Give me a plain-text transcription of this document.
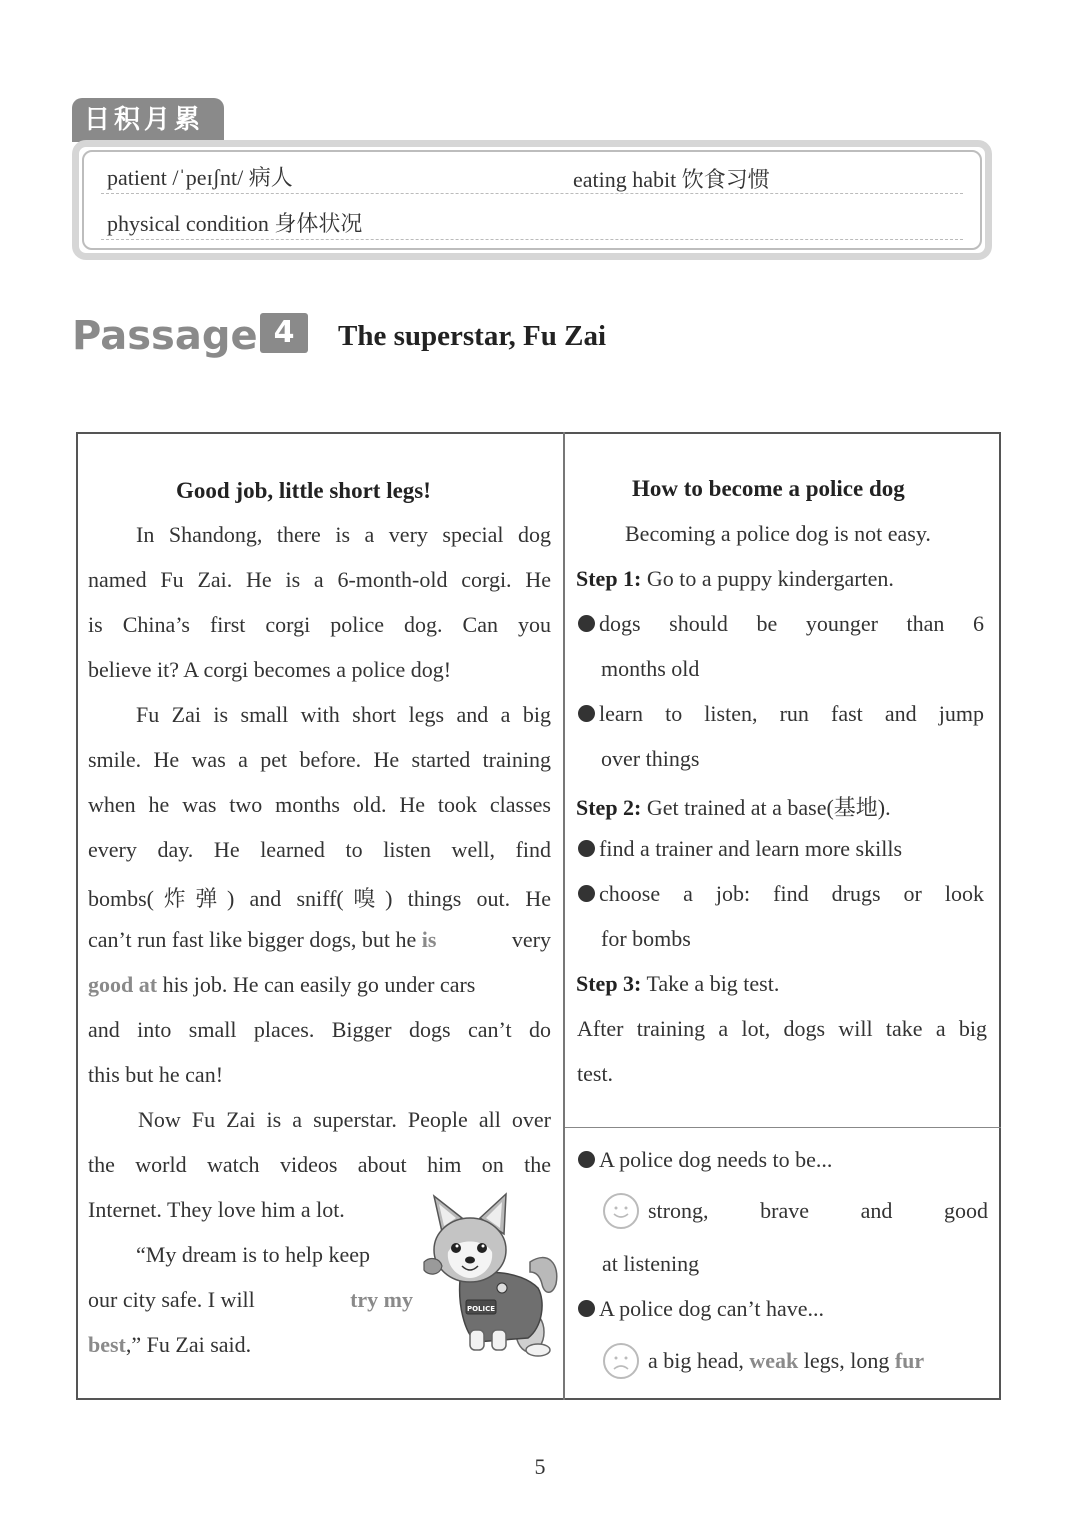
日积月累
patient /ˈpeɪʃnt/ 病人	eating habit 饮食习惯
physical condition 身体状况
Passage 4	The superstar, Fu Zai
Good job, little short legs!
In Shandong, there is a very special dog
named Fu Zai. He is a 6-month-old corgi. He
is China’s first corgi police dog. Can you
believe it? A corgi becomes a police dog!
Fu Zai is small with short legs and a big
smile. He was a pet before. He started training
when he was two months old. He took classes
every day. He learned to listen well, find
bombs(炸弹) and sniff(嗅) things out. He
can’t run fast like bigger dogs, but he is	very
good at his job. He can easily go under cars
and into small places. Bigger dogs can’t do
this but he can!
Now Fu Zai is a superstar. People all over
the world watch videos about him on the
Internet. They love him a lot.
“My dream is to help keep
our city safe. I will	try my
best,” Fu Zai said.
POLICE
How to become a police dog
Becoming a police dog is not easy.
Step 1: Go to a puppy kindergarten.
dogs should be younger than 6
months old
learn to listen, run fast and jump
over things
Step 2: Get trained at a base(基地).
find a trainer and learn more skills
choose a job: find drugs or look
for bombs
Step 3: Take a big test.
After training a lot, dogs will take a big
test.
A police dog needs to be...
strong, brave and good
at listening
A police dog can’t have...
a big head, weak legs, long fur
5
